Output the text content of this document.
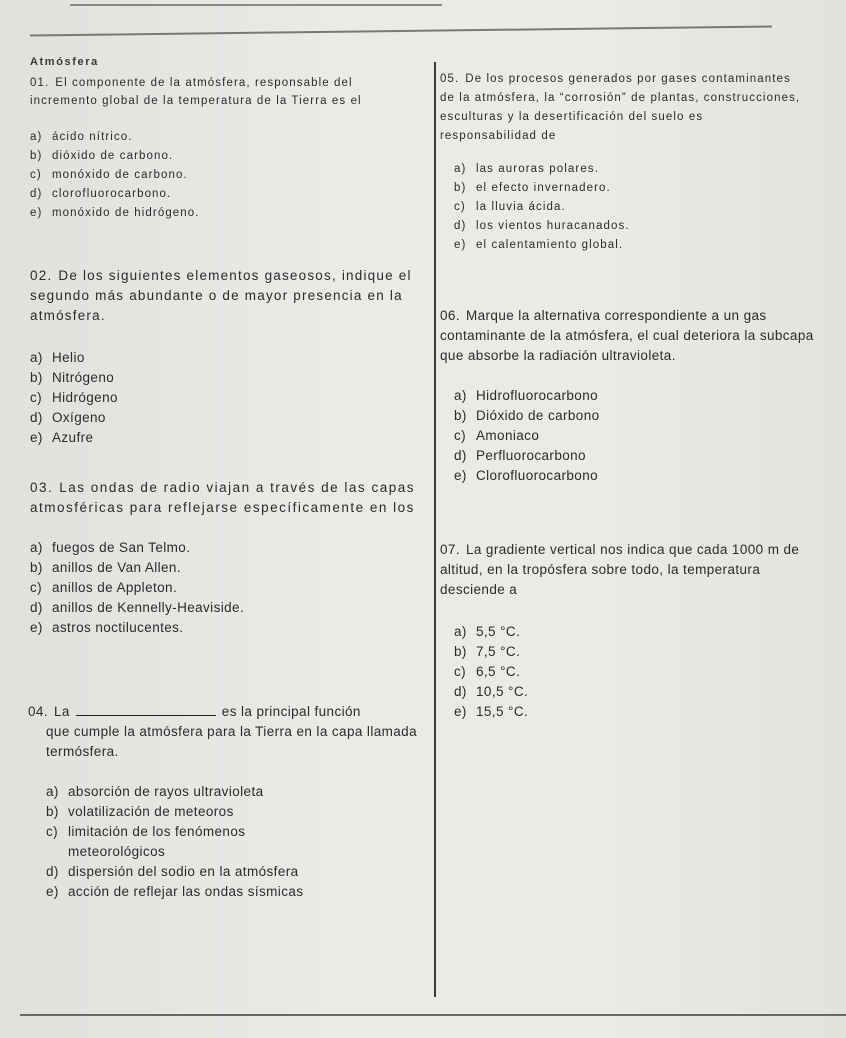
Atmósfera

01. El componente de la atmósfera, responsable del incremento global de la temperatura de la Tierra es el

a) ácido nítrico.
b) dióxido de carbono.
c) monóxido de carbono.
d) clorofluorocarbono.
e) monóxido de hidrógeno.

02. De los siguientes elementos gaseosos, indique el segundo más abundante o de mayor presencia en la atmósfera.

a) Helio
b) Nitrógeno
c) Hidrógeno
d) Oxígeno
e) Azufre

03. Las ondas de radio viajan a través de las capas atmosféricas para reflejarse específicamente en los

a) fuegos de San Telmo.
b) anillos de Van Allen.
c) anillos de Appleton.
d) anillos de Kennelly-Heaviside.
e) astros noctilucentes.

04. La	es la principal función

que cumple la atmósfera para la Tierra en la capa llamada termósfera.

a) absorción de rayos ultravioleta
b) volatilización de meteoros
c) limitación de los fenómenos
meteorológicos
d) dispersión del sodio en la atmósfera
e) acción de reflejar las ondas sísmicas

05. De los procesos generados por gases contaminantes de la atmósfera, la “corrosión” de plantas, construcciones, esculturas y la desertificación del suelo es responsabilidad de

a) las auroras polares.
b) el efecto invernadero.
c) la lluvia ácida.
d) los vientos huracanados.
e) el calentamiento global.

06. Marque la alternativa correspondiente a un gas contaminante de la atmósfera, el cual deteriora la subcapa que absorbe la radiación ultravioleta.

a) Hidrofluorocarbono
b) Dióxido de carbono
c) Amoniaco
d) Perfluorocarbono
e) Clorofluorocarbono

07. La gradiente vertical nos indica que cada 1000 m de altitud, en la tropósfera sobre todo, la temperatura desciende a

a) 5,5 °C.
b) 7,5 °C.
c) 6,5 °C.
d) 10,5 °C.
e) 15,5 °C.
